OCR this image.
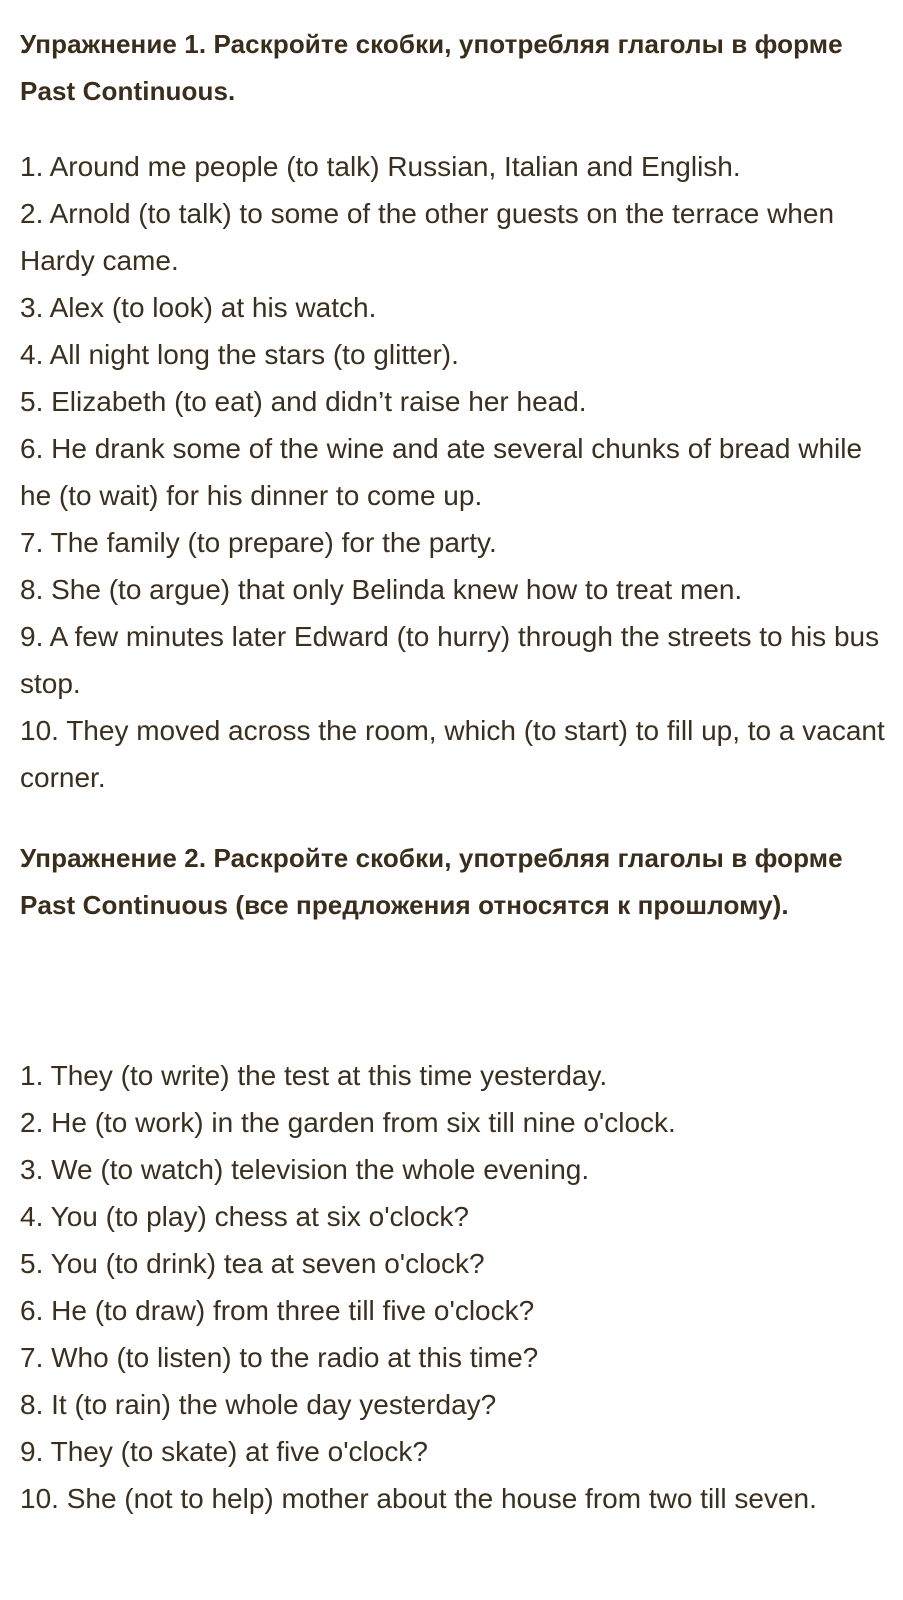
Упражнение 1. Раскройте скобки, употребляя глаголы в форме Past Continuous.
1. Around me people (to talk) Russian, Italian and English.
2. Arnold (to talk) to some of the other guests on the terrace when Hardy came.
3. Alex (to look) at his watch.
4. All night long the stars (to glitter).
5. Elizabeth (to eat) and didn’t raise her head.
6. He drank some of the wine and ate several chunks of bread while he (to wait) for his dinner to come up.
7. The family (to prepare) for the party.
8. She (to argue) that only Belinda knew how to treat men.
9. A few minutes later Edward (to hurry) through the streets to his bus stop.
10. They moved across the room, which (to start) to fill up, to a vacant corner.
Упражнение 2. Раскройте скобки, употребляя глаголы в форме Past Continuous (все предложения относятся к прошлому).
1. They (to write) the test at this time yesterday.
2. He (to work) in the garden from six till nine o'clock.
3. We (to watch) television the whole evening.
4. You (to play) chess at six o'clock?
5. You (to drink) tea at seven o'clock?
6. He (to draw) from three till five o'clock?
7. Who (to listen) to the radio at this time?
8. It (to rain) the whole day yesterday?
9. They (to skate) at five o'clock?
10. She (not to help) mother about the house from two till seven.
